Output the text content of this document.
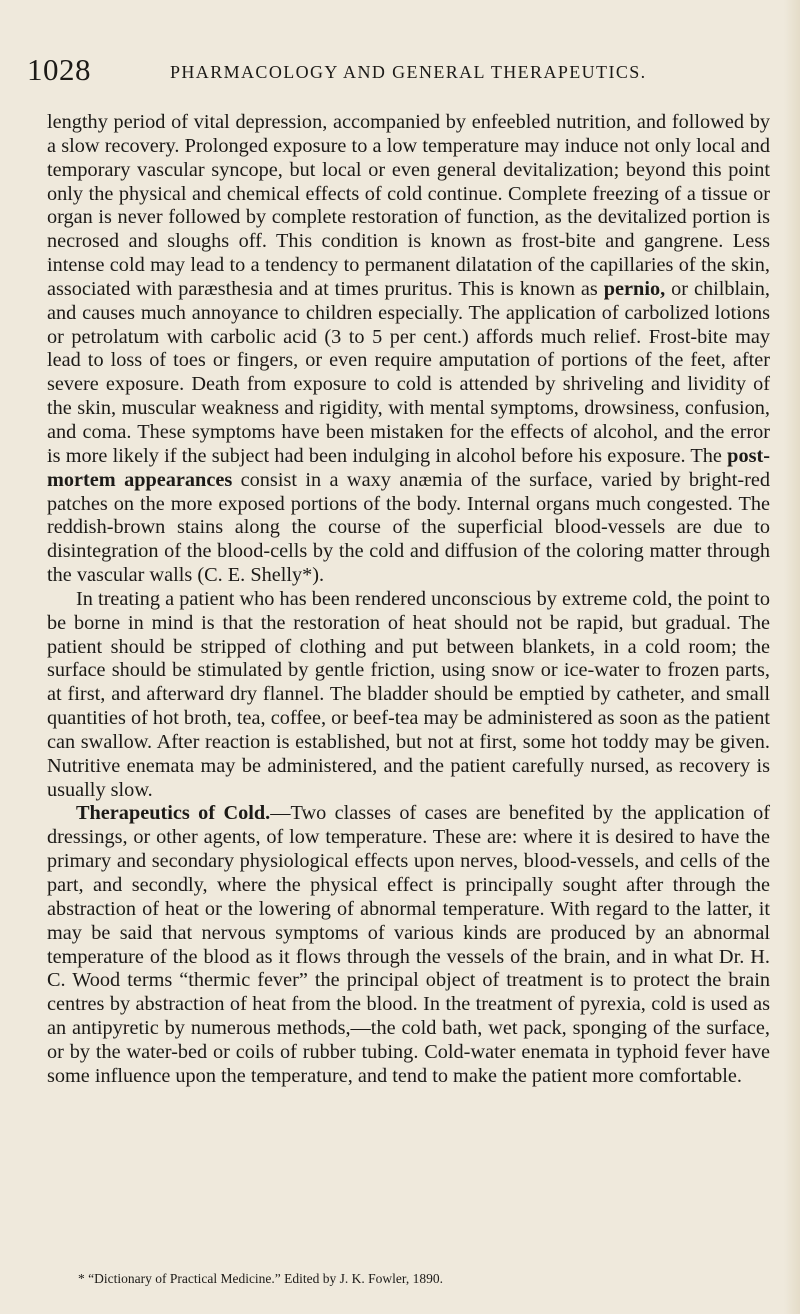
1028	PHARMACOLOGY AND GENERAL THERAPEUTICS.

lengthy period of vital depression, accompanied by enfeebled nutrition, and followed by a slow recovery. Prolonged exposure to a low temperature may induce not only local and temporary vascular syncope, but local or even general devitalization; beyond this point only the physical and chemical effects of cold continue. Complete freezing of a tissue or organ is never followed by complete restoration of function, as the devitalized portion is necrosed and sloughs off. This condition is known as frost-bite and gangrene. Less intense cold may lead to a tendency to permanent dilatation of the capillaries of the skin, associated with paræsthesia and at times pruritus. This is known as pernio, or chilblain, and causes much annoyance to children especially. The application of carbolized lotions or petrolatum with carbolic acid (3 to 5 per cent.) affords much relief. Frost-bite may lead to loss of toes or fingers, or even require amputation of portions of the feet, after severe exposure. Death from exposure to cold is attended by shriveling and lividity of the skin, muscular weakness and rigidity, with mental symptoms, drowsiness, confusion, and coma. These symptoms have been mistaken for the effects of alcohol, and the error is more likely if the subject had been indulging in alcohol before his exposure. The post-mortem appearances consist in a waxy anæmia of the surface, varied by bright-red patches on the more exposed portions of the body. Internal organs much congested. The reddish-brown stains along the course of the superficial blood-vessels are due to disintegration of the blood-cells by the cold and diffusion of the coloring matter through the vascular walls (C. E. Shelly*).

In treating a patient who has been rendered unconscious by extreme cold, the point to be borne in mind is that the restoration of heat should not be rapid, but gradual. The patient should be stripped of clothing and put between blankets, in a cold room; the surface should be stimulated by gentle friction, using snow or ice-water to frozen parts, at first, and afterward dry flannel. The bladder should be emptied by catheter, and small quantities of hot broth, tea, coffee, or beef-tea may be administered as soon as the patient can swallow. After reaction is established, but not at first, some hot toddy may be given. Nutritive enemata may be administered, and the patient carefully nursed, as recovery is usually slow.

Therapeutics of Cold.—Two classes of cases are benefited by the application of dressings, or other agents, of low temperature. These are: where it is desired to have the primary and secondary physiological effects upon nerves, blood-vessels, and cells of the part, and secondly, where the physical effect is principally sought after through the abstraction of heat or the lowering of abnormal temperature. With regard to the latter, it may be said that nervous symptoms of various kinds are produced by an abnormal temperature of the blood as it flows through the vessels of the brain, and in what Dr. H. C. Wood terms “thermic fever” the principal object of treatment is to protect the brain centres by abstraction of heat from the blood. In the treatment of pyrexia, cold is used as an antipyretic by numerous methods,—the cold bath, wet pack, sponging of the surface, or by the water-bed or coils of rubber tubing. Cold-water enemata in typhoid fever have some influence upon the temperature, and tend to make the patient more comfortable.

* “Dictionary of Practical Medicine.” Edited by J. K. Fowler, 1890.
